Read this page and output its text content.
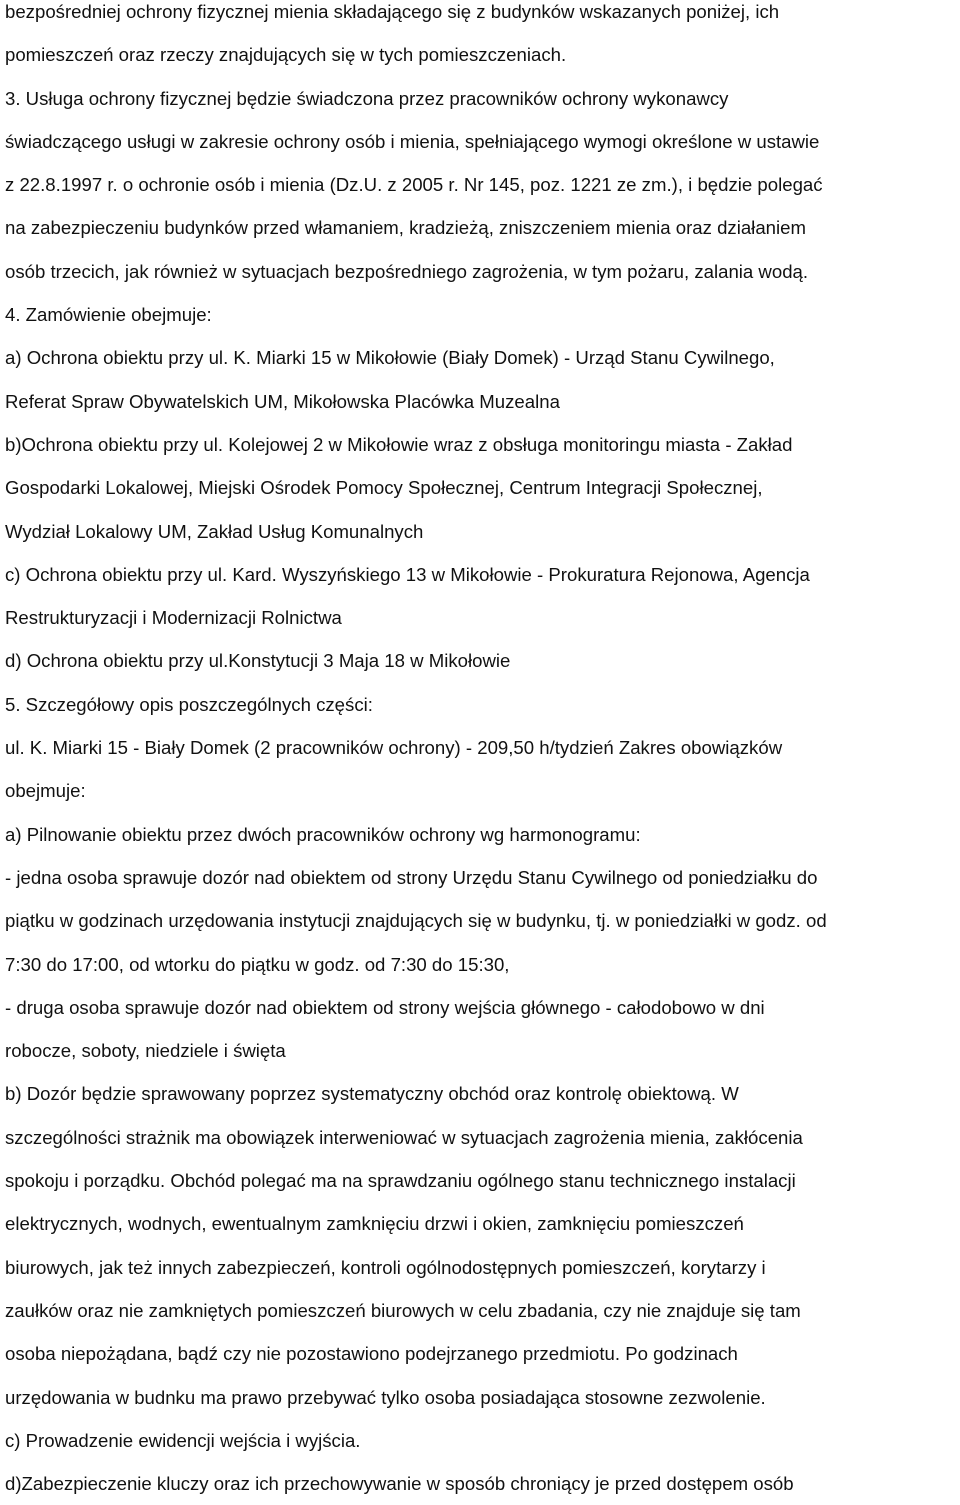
bezpośredniej ochrony fizycznej mienia składającego się z budynków wskazanych poniżej, ich
pomieszczeń oraz rzeczy znajdujących się w tych pomieszczeniach.
3. Usługa ochrony fizycznej będzie świadczona przez pracowników ochrony wykonawcy
świadczącego usługi w zakresie ochrony osób i mienia, spełniającego wymogi określone w ustawie
z 22.8.1997 r. o ochronie osób i mienia (Dz.U. z 2005 r. Nr 145, poz. 1221 ze zm.), i będzie polegać
na zabezpieczeniu budynków przed włamaniem, kradzieżą, zniszczeniem mienia oraz działaniem
osób trzecich, jak również w sytuacjach bezpośredniego zagrożenia, w tym pożaru, zalania wodą.
4. Zamówienie obejmuje:
a) Ochrona obiektu przy ul. K. Miarki 15 w Mikołowie (Biały Domek) - Urząd Stanu Cywilnego,
Referat Spraw Obywatelskich UM, Mikołowska Placówka Muzealna
b)Ochrona obiektu przy ul. Kolejowej 2 w Mikołowie wraz z obsługa monitoringu miasta - Zakład
Gospodarki Lokalowej, Miejski Ośrodek Pomocy Społecznej, Centrum Integracji Społecznej,
Wydział Lokalowy UM, Zakład Usług Komunalnych
c) Ochrona obiektu przy ul. Kard. Wyszyńskiego 13 w Mikołowie - Prokuratura Rejonowa, Agencja
Restrukturyzacji i Modernizacji Rolnictwa
d) Ochrona obiektu przy ul.Konstytucji 3 Maja 18 w Mikołowie
5. Szczegółowy opis poszczególnych części:
ul. K. Miarki 15 - Biały Domek (2 pracowników ochrony) - 209,50 h/tydzień Zakres obowiązków
obejmuje:
a) Pilnowanie obiektu przez dwóch pracowników ochrony wg harmonogramu:
- jedna osoba sprawuje dozór nad obiektem od strony Urzędu Stanu Cywilnego od poniedziałku do
piątku w godzinach urzędowania instytucji znajdujących się w budynku, tj. w poniedziałki w godz. od
7:30 do 17:00, od wtorku do piątku w godz. od 7:30 do 15:30,
- druga osoba sprawuje dozór nad obiektem od strony wejścia głównego - całodobowo w dni
robocze, soboty, niedziele i święta
b) Dozór będzie sprawowany poprzez systematyczny obchód oraz kontrolę obiektową. W
szczególności strażnik ma obowiązek interweniować w sytuacjach zagrożenia mienia, zakłócenia
spokoju i porządku. Obchód polegać ma na sprawdzaniu ogólnego stanu technicznego instalacji
elektrycznych, wodnych, ewentualnym zamknięciu drzwi i okien, zamknięciu pomieszczeń
biurowych, jak też innych zabezpieczeń, kontroli ogólnodostępnych pomieszczeń, korytarzy i
zaułków oraz nie zamkniętych pomieszczeń biurowych w celu zbadania, czy nie znajduje się tam
osoba niepożądana, bądź czy nie pozostawiono podejrzanego przedmiotu. Po godzinach
urzędowania w budnku ma prawo przebywać tylko osoba posiadająca stosowne zezwolenie.
c) Prowadzenie ewidencji wejścia i wyjścia.
d)Zabezpieczenie kluczy oraz ich przechowywanie w sposób chroniący je przed dostępem osób
